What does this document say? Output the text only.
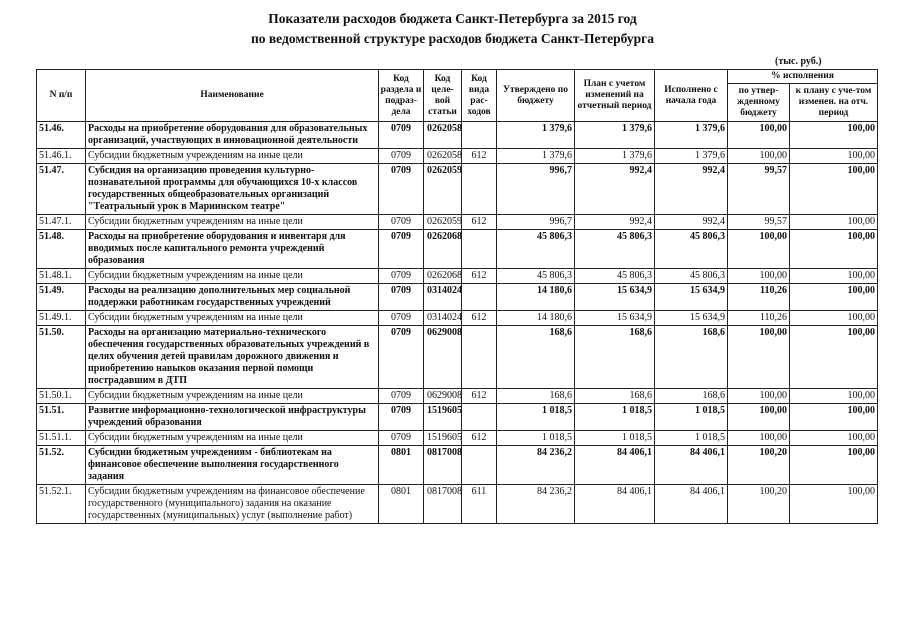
Показатели расходов бюджета Санкт-Петербурга за 2015 год
по ведомственной структуре расходов бюджета Санкт-Петербурга
(тыс. руб.)
N п/п	Наименование	Код раздела и подраз-дела	Код целе-вой статьи	Код вида рас-ходов	Утверждено по бюджету	План с учетом изменений на отчетный период	Исполнено с начала года	% исполнения	
								по утвер-жденному бюджету	к плану с уче-том изменен. на отч. период
51.46.	Расходы на приобретение оборудования для образовательных организаций, участвующих в инновационной деятельности	0709	0262058		1 379,6	1 379,6	1 379,6	100,00	100,00
51.46.1.	Субсидии бюджетным учреждениям на иные цели	0709	0262058	612	1 379,6	1 379,6	1 379,6	100,00	100,00
51.47.	Субсидия на организацию проведения культурно-познавательной программы для обучающихся 10-х классов государственных общеобразовательных организаций "Театральный урок в Мариинском театре"	0709	0262059		996,7	992,4	992,4	99,57	100,00
51.47.1.	Субсидии бюджетным учреждениям на иные цели	0709	0262059	612	996,7	992,4	992,4	99,57	100,00
51.48.	Расходы на приобретение оборудования и инвентаря для вводимых после капитального ремонта учреждений образования	0709	0262068		45 806,3	45 806,3	45 806,3	100,00	100,00
51.48.1.	Субсидии бюджетным учреждениям на иные цели	0709	0262068	612	45 806,3	45 806,3	45 806,3	100,00	100,00
51.49.	Расходы на реализацию дополнительных мер социальной поддержки работникам государственных учреждений	0709	0314024		14 180,6	15 634,9	15 634,9	110,26	100,00
51.49.1.	Субсидии бюджетным учреждениям на иные цели	0709	0314024	612	14 180,6	15 634,9	15 634,9	110,26	100,00
51.50.	Расходы на организацию материально-технического обеспечения государственных образовательных учреждений в целях обучения детей правилам дорожного движения и приобретению навыков оказания первой помощи пострадавшим в ДТП	0709	0629008		168,6	168,6	168,6	100,00	100,00
51.50.1.	Субсидии бюджетным учреждениям на иные цели	0709	0629008	612	168,6	168,6	168,6	100,00	100,00
51.51.	Развитие информационно-технологической инфраструктуры учреждений образования	0709	1519605		1 018,5	1 018,5	1 018,5	100,00	100,00
51.51.1.	Субсидии бюджетным учреждениям на иные цели	0709	1519605	612	1 018,5	1 018,5	1 018,5	100,00	100,00
51.52.	Субсидии бюджетным учреждениям - библиотекам на финансовое обеспечение выполнения государственного задания	0801	0817008		84 236,2	84 406,1	84 406,1	100,20	100,00
51.52.1.	Субсидии бюджетным учреждениям на финансовое обеспечение государственного (муниципального) задания на оказание государственных (муниципальных) услуг (выполнение работ)	0801	0817008	611	84 236,2	84 406,1	84 406,1	100,20	100,00
